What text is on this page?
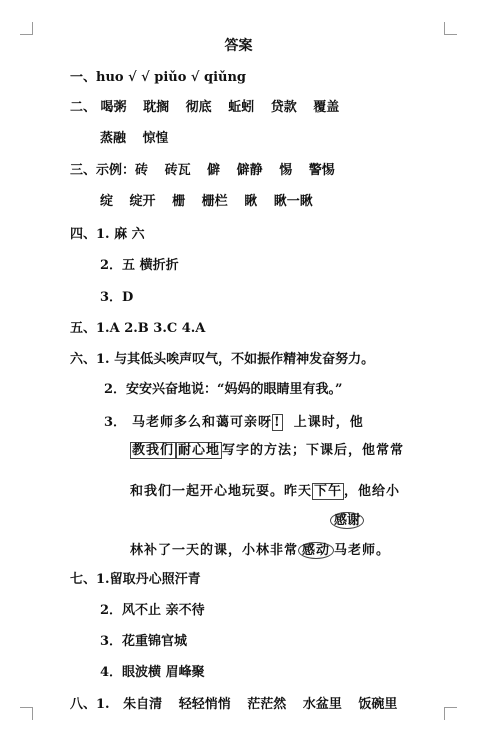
答案
一、huo √ √ piǔo √ qiǔng
二、 喝粥 耽搁 彻底 蚯蚓 贷款 覆盖
蒸融 惊惶
三、示例：砖 砖瓦 僻 僻静 惕 警惕
绽 绽开 栅 栅栏 瞅 瞅一瞅
四、1. 麻 六
2．五 横折折
3．D
五、1.A 2.B 3.C 4.A
六、1. 与其低头唉声叹气，不如振作精神发奋努力。
2．安安兴奋地说：“妈妈的眼睛里有我。”
3． 马老师多么和蔼可亲呀 ! 上课时，他
教我们 耐心地 写字的方法；下课后，他常常
和我们一起开心地玩耍。昨天 下午 ，他给小
感谢
林补了一天的课，小林非常 感动 马老师。
七、1.留取丹心照汗青
2．风不止 亲不待
3．花重锦官城
4．眼波横 眉峰聚
八、1. 朱自清 轻轻悄悄 茫茫然 水盆里 饭碗里
